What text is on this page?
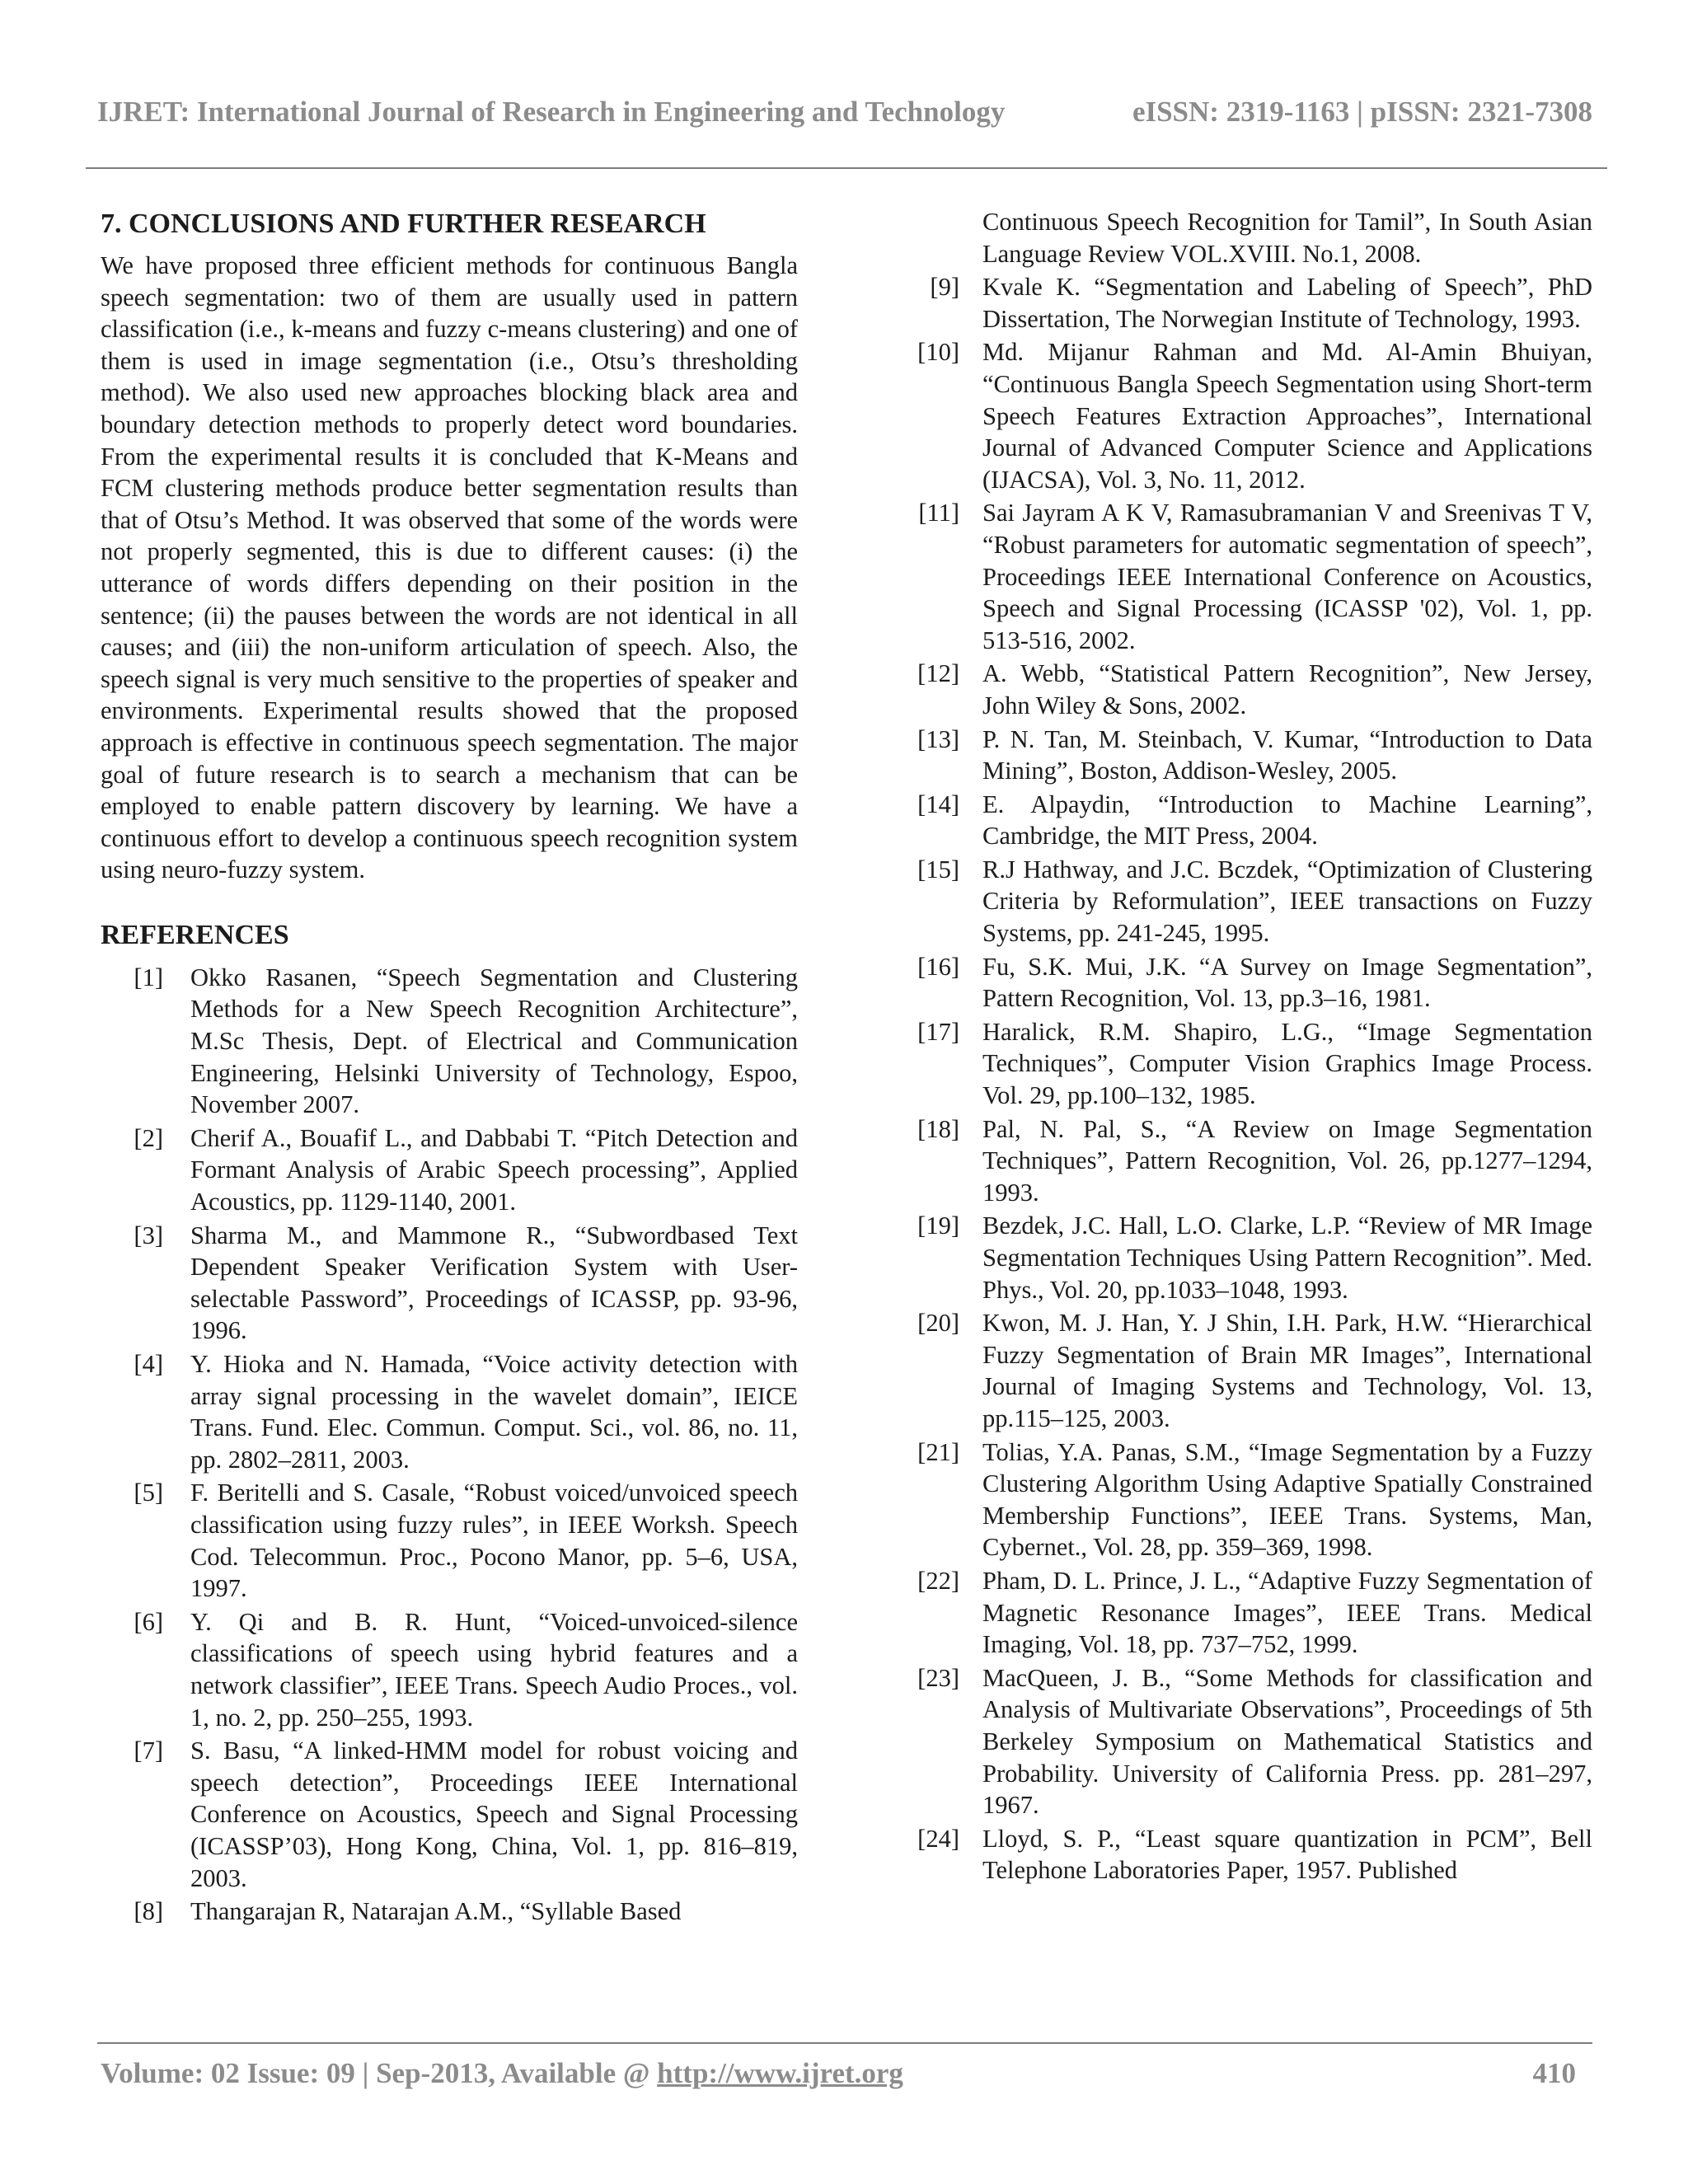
IJRET: International Journal of Research in Engineering and Technology	eISSN: 2319-1163 | pISSN: 2321-7308
7. CONCLUSIONS AND FURTHER RESEARCH

We have proposed three efficient methods for continuous Bangla speech segmentation: two of them are usually used in pattern classification (i.e., k-means and fuzzy c-means clustering) and one of them is used in image segmentation (i.e., Otsu’s thresholding method). We also used new approaches blocking black area and boundary detection methods to properly detect word boundaries. From the experimental results it is concluded that K-Means and FCM clustering methods produce better segmentation results than that of Otsu’s Method. It was observed that some of the words were not properly segmented, this is due to different causes: (i) the utterance of words differs depending on their position in the sentence; (ii) the pauses between the words are not identical in all causes; and (iii) the non-uniform articulation of speech. Also, the speech signal is very much sensitive to the properties of speaker and environments. Experimental results showed that the proposed approach is effective in continuous speech segmentation. The major goal of future research is to search a mechanism that can be employed to enable pattern discovery by learning. We have a continuous effort to develop a continuous speech recognition system using neuro-fuzzy system.

REFERENCES
[1] Okko Rasanen, “Speech Segmentation and Clustering Methods for a New Speech Recognition Architecture”, M.Sc Thesis, Dept. of Electrical and Communication Engineering, Helsinki University of Technology, Espoo, November 2007.
[2] Cherif A., Bouafif L., and Dabbabi T. “Pitch Detection and Formant Analysis of Arabic Speech processing”, Applied Acoustics, pp. 1129-1140, 2001.
[3] Sharma M., and Mammone R., “Subwordbased Text Dependent Speaker Verification System with User-selectable Password”, Proceedings of ICASSP, pp. 93-96, 1996.
[4] Y. Hioka and N. Hamada, “Voice activity detection with array signal processing in the wavelet domain”, IEICE Trans. Fund. Elec. Commun. Comput. Sci., vol. 86, no. 11, pp. 2802–2811, 2003.
[5] F. Beritelli and S. Casale, “Robust voiced/unvoiced speech classification using fuzzy rules”, in IEEE Worksh. Speech Cod. Telecommun. Proc., Pocono Manor, pp. 5–6, USA, 1997.
[6] Y. Qi and B. R. Hunt, “Voiced-unvoiced-silence classifications of speech using hybrid features and a network classifier”, IEEE Trans. Speech Audio Proces., vol. 1, no. 2, pp. 250–255, 1993.
[7] S. Basu, “A linked-HMM model for robust voicing and speech detection”, Proceedings IEEE International Conference on Acoustics, Speech and Signal Processing (ICASSP’03), Hong Kong, China, Vol. 1, pp. 816–819, 2003.
[8] Thangarajan R, Natarajan A.M., “Syllable Based
Continuous Speech Recognition for Tamil”, In South Asian Language Review VOL.XVIII. No.1, 2008.
[9] Kvale K. “Segmentation and Labeling of Speech”, PhD Dissertation, The Norwegian Institute of Technology, 1993.
[10] Md. Mijanur Rahman and Md. Al-Amin Bhuiyan, “Continuous Bangla Speech Segmentation using Short-term Speech Features Extraction Approaches”, International Journal of Advanced Computer Science and Applications (IJACSA), Vol. 3, No. 11, 2012.
[11] Sai Jayram A K V, Ramasubramanian V and Sreenivas T V, “Robust parameters for automatic segmentation of speech”, Proceedings IEEE International Conference on Acoustics, Speech and Signal Processing (ICASSP '02), Vol. 1, pp. 513-516, 2002.
[12] A. Webb, “Statistical Pattern Recognition”, New Jersey, John Wiley & Sons, 2002.
[13] P. N. Tan, M. Steinbach, V. Kumar, “Introduction to Data Mining”, Boston, Addison-Wesley, 2005.
[14] E. Alpaydin, “Introduction to Machine Learning”, Cambridge, the MIT Press, 2004.
[15] R.J Hathway, and J.C. Bczdek, “Optimization of Clustering Criteria by Reformulation”, IEEE transactions on Fuzzy Systems, pp. 241-245, 1995.
[16] Fu, S.K. Mui, J.K. “A Survey on Image Segmentation”, Pattern Recognition, Vol. 13, pp.3–16, 1981.
[17] Haralick, R.M. Shapiro, L.G., “Image Segmentation Techniques”, Computer Vision Graphics Image Process. Vol. 29, pp.100–132, 1985.
[18] Pal, N. Pal, S., “A Review on Image Segmentation Techniques”, Pattern Recognition, Vol. 26, pp.1277–1294, 1993.
[19] Bezdek, J.C. Hall, L.O. Clarke, L.P. “Review of MR Image Segmentation Techniques Using Pattern Recognition”. Med. Phys., Vol. 20, pp.1033–1048, 1993.
[20] Kwon, M. J. Han, Y. J Shin, I.H. Park, H.W. “Hierarchical Fuzzy Segmentation of Brain MR Images”, International Journal of Imaging Systems and Technology, Vol. 13, pp.115–125, 2003.
[21] Tolias, Y.A. Panas, S.M., “Image Segmentation by a Fuzzy Clustering Algorithm Using Adaptive Spatially Constrained Membership Functions”, IEEE Trans. Systems, Man, Cybernet., Vol. 28, pp. 359–369, 1998.
[22] Pham, D. L. Prince, J. L., “Adaptive Fuzzy Segmentation of Magnetic Resonance Images”, IEEE Trans. Medical Imaging, Vol. 18, pp. 737–752, 1999.
[23] MacQueen, J. B., “Some Methods for classification and Analysis of Multivariate Observations”, Proceedings of 5th Berkeley Symposium on Mathematical Statistics and Probability. University of California Press. pp. 281–297, 1967.
[24] Lloyd, S. P., “Least square quantization in PCM”, Bell Telephone Laboratories Paper, 1957. Published
Volume: 02 Issue: 09 | Sep-2013, Available @ http://www.ijret.org	410
